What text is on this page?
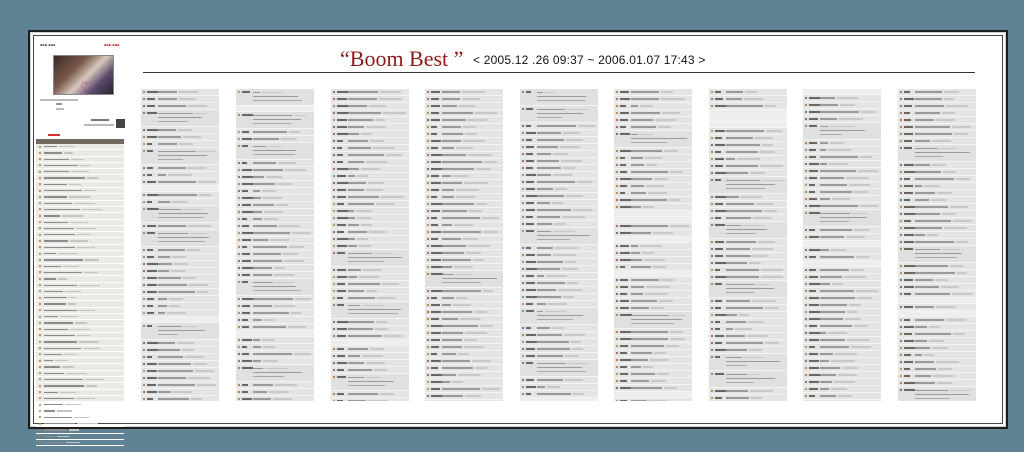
▪▪▪ ▪▪▪	▪▪▪ ▪▪▪
♡
“Boom Best ” < 2005.12 .26 09:37 ~ 2006.01.07 17:43 >
